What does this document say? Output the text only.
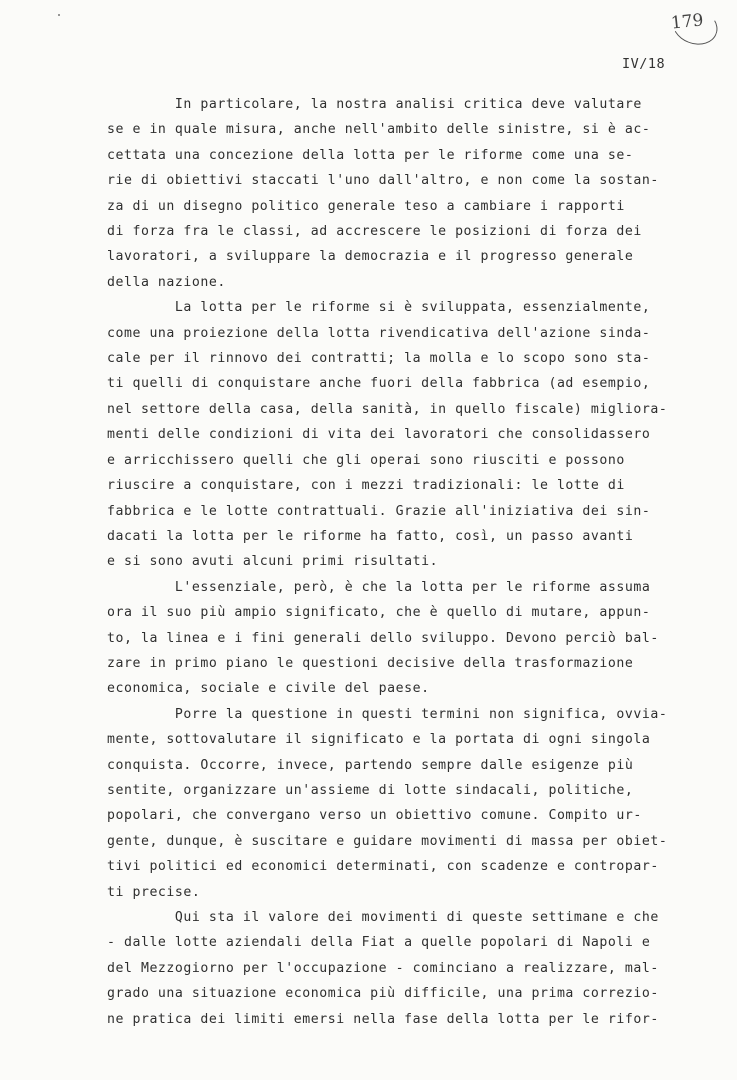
179
IV/18
In particolare, la nostra analisi critica deve valutare
se e in quale misura, anche nell'ambito delle sinistre, si è ac-
cettata una concezione della lotta per le riforme come una se-
rie di obiettivi staccati l'uno dall'altro, e non come la sostan-
za di un disegno politico generale teso a cambiare i rapporti
di forza fra le classi, ad accrescere le posizioni di forza dei
lavoratori, a sviluppare la democrazia e il progresso generale
della nazione.
La lotta per le riforme si è sviluppata, essenzialmente,
come una proiezione della lotta rivendicativa dell'azione sinda-
cale per il rinnovo dei contratti; la molla e lo scopo sono sta-
ti quelli di conquistare anche fuori della fabbrica (ad esempio,
nel settore della casa, della sanità, in quello fiscale) migliora-
menti delle condizioni di vita dei lavoratori che consolidassero
e arricchissero quelli che gli operai sono riusciti e possono
riuscire a conquistare, con i mezzi tradizionali: le lotte di
fabbrica e le lotte contrattuali. Grazie all'iniziativa dei sin-
dacati la lotta per le riforme ha fatto, così, un passo avanti
e si sono avuti alcuni primi risultati.
L'essenziale, però, è che la lotta per le riforme assuma
ora il suo più ampio significato, che è quello di mutare, appun-
to, la linea e i fini generali dello sviluppo. Devono perciò bal-
zare in primo piano le questioni decisive della trasformazione
economica, sociale e civile del paese.
Porre la questione in questi termini non significa, ovvia-
mente, sottovalutare il significato e la portata di ogni singola
conquista. Occorre, invece, partendo sempre dalle esigenze più
sentite, organizzare un'assieme di lotte sindacali, politiche,
popolari, che convergano verso un obiettivo comune. Compito ur-
gente, dunque, è suscitare e guidare movimenti di massa per obiet-
tivi politici ed economici determinati, con scadenze e contropar-
ti precise.
Qui sta il valore dei movimenti di queste settimane e che
- dalle lotte aziendali della Fiat a quelle popolari di Napoli e
del Mezzogiorno per l'occupazione - cominciano a realizzare, mal-
grado una situazione economica più difficile, una prima correzio-
ne pratica dei limiti emersi nella fase della lotta per le rifor-
